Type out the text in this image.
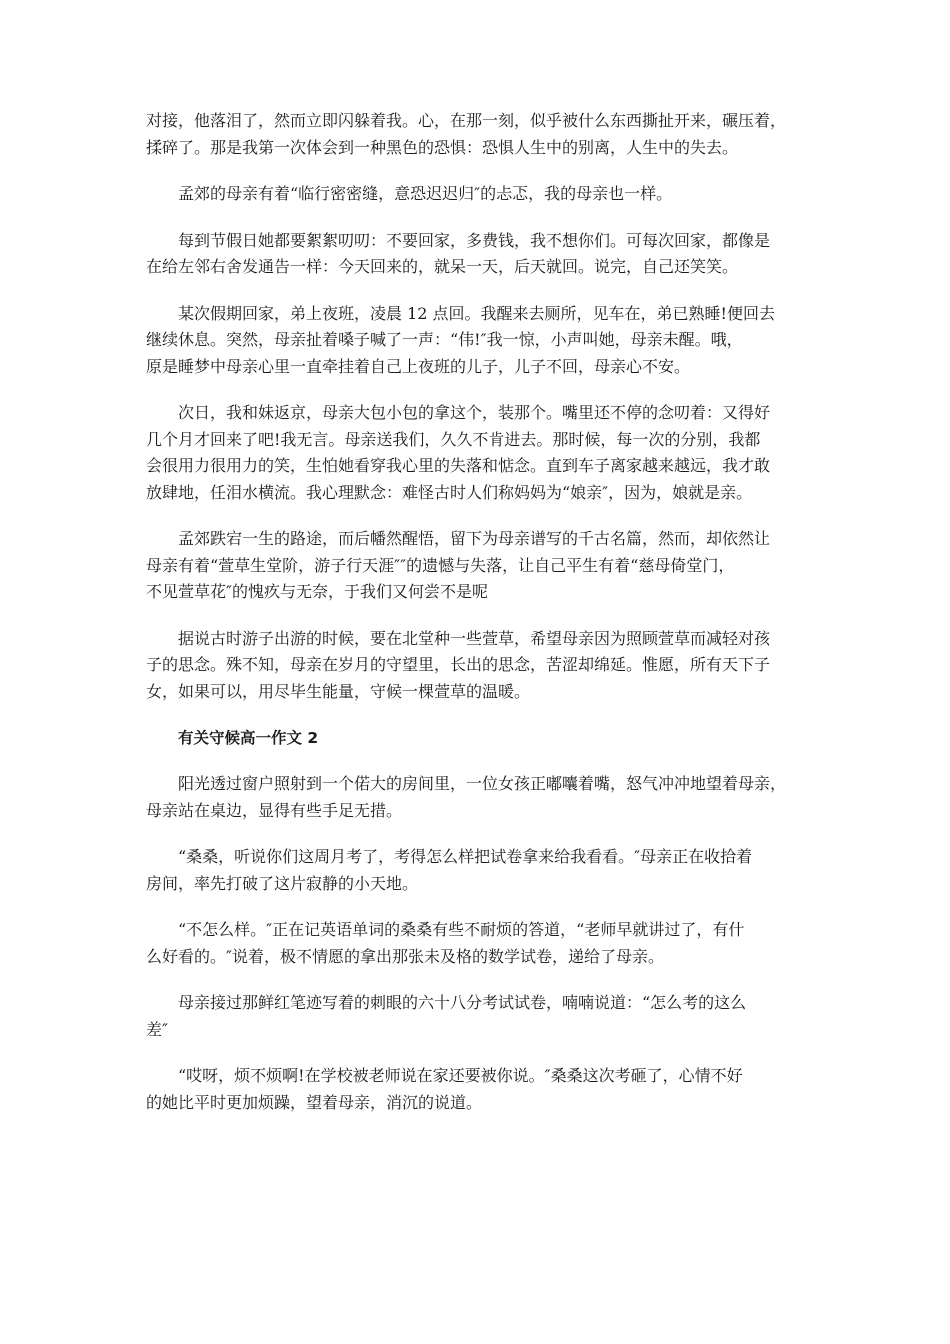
对接，他落泪了，然而立即闪躲着我。心，在那一刻，似乎被什么东西撕扯开来，碾压着，
揉碎了。那是我第一次体会到一种黑色的恐惧：恐惧人生中的别离，人生中的失去。
孟郊的母亲有着“临行密密缝，意恐迟迟归″的忐忑，我的母亲也一样。
每到节假日她都要絮絮叨叨：不要回家，多费钱，我不想你们。可每次回家，都像是
在给左邻右舍发通告一样：今天回来的，就呆一天，后天就回。说完，自己还笑笑。
某次假期回家，弟上夜班，凌晨 12 点回。我醒来去厕所，见车在，弟已熟睡!便回去
继续休息。突然，母亲扯着嗓子喊了一声：“伟!″我一惊，小声叫她，母亲未醒。哦，
原是睡梦中母亲心里一直牵挂着自己上夜班的儿子，儿子不回，母亲心不安。
次日，我和妹返京，母亲大包小包的拿这个，装那个。嘴里还不停的念叨着：又得好
几个月才回来了吧!我无言。母亲送我们，久久不肯进去。那时候，每一次的分别，我都
会很用力很用力的笑，生怕她看穿我心里的失落和惦念。直到车子离家越来越远，我才敢
放肆地，任泪水横流。我心理默念：难怪古时人们称妈妈为“娘亲″，因为，娘就是亲。
孟郊跌宕一生的路途，而后幡然醒悟，留下为母亲谱写的千古名篇，然而，却依然让
母亲有着“萱草生堂阶，游子行天涯″″的遗憾与失落，让自己平生有着“慈母倚堂门，
不见萱草花″的愧疚与无奈，于我们又何尝不是呢
据说古时游子出游的时候，要在北堂种一些萱草，希望母亲因为照顾萱草而减轻对孩
子的思念。殊不知，母亲在岁月的守望里，长出的思念，苦涩却绵延。惟愿，所有天下子
女，如果可以，用尽毕生能量，守候一棵萱草的温暖。
有关守候高一作文 2
阳光透过窗户照射到一个偌大的房间里，一位女孩正嘟囔着嘴，怒气冲冲地望着母亲，
母亲站在桌边，显得有些手足无措。
“桑桑，听说你们这周月考了，考得怎么样把试卷拿来给我看看。″母亲正在收拾着
房间，率先打破了这片寂静的小天地。
“不怎么样。″正在记英语单词的桑桑有些不耐烦的答道，“老师早就讲过了，有什
么好看的。″说着，极不情愿的拿出那张未及格的数学试卷，递给了母亲。
母亲接过那鲜红笔迹写着的刺眼的六十八分考试试卷，喃喃说道：“怎么考的这么
差″
“哎呀，烦不烦啊!在学校被老师说在家还要被你说。″桑桑这次考砸了，心情不好
的她比平时更加烦躁，望着母亲，消沉的说道。
